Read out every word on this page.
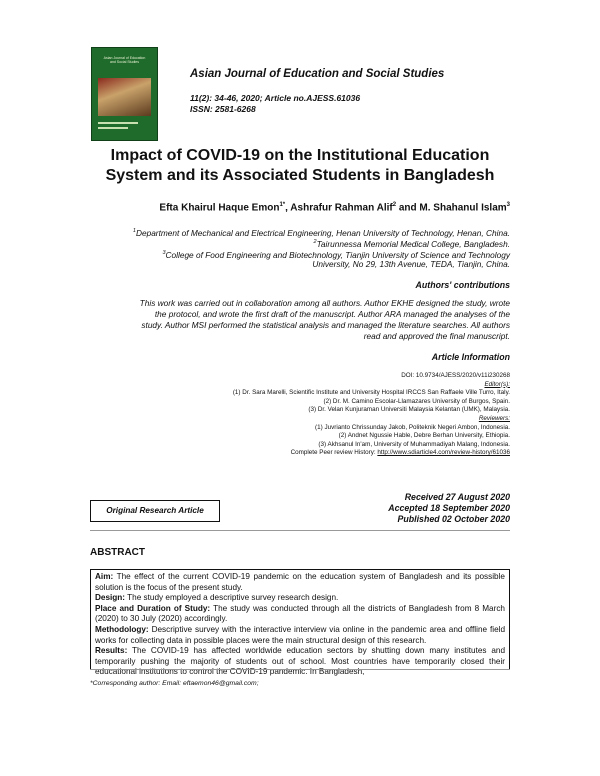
Asian Journal of Education
and Social Studies
Asian Journal of Education and Social Studies
11(2): 34-46, 2020; Article no.AJESS.61036
ISSN: 2581-6268
Impact of COVID-19 on the Institutional Education
System and its Associated Students in Bangladesh
Efta Khairul Haque Emon$^{1*}$, Ashrafur Rahman Alif$^2$ and M. Shahanul Islam$^3$
$^1$Department of Mechanical and Electrical Engineering, Henan University of Technology, Henan, China.
$^2$Tairunnessa Memorial Medical College, Bangladesh.
$^3$College of Food Engineering and Biotechnology, Tianjin University of Science and Technology
University, No 29, 13th Avenue, TEDA, Tianjin, China.
Authors' contributions
This work was carried out in collaboration among all authors. Author EKHE designed the study, wrote
the protocol, and wrote the first draft of the manuscript. Author ARA managed the analyses of the
study. Author MSI performed the statistical analysis and managed the literature searches. All authors
read and approved the final manuscript.
Article Information
DOI: 10.9734/AJESS/2020/v11i230268
Editor(s):
(1) Dr. Sara Marelli, Scientific Institute and University Hospital IRCCS San Raffaele Ville Turro, Italy.
(2) Dr. M. Camino Escolar-Llamazares University of Burgos, Spain.
(3) Dr. Velan Kunjuraman Universiti Malaysia Kelantan (UMK), Malaysia.
Reviewers:
(1) Juvrianto Chrissunday Jakob, Politeknik Negeri Ambon, Indonesia.
(2) Andnet Ngussie Hable, Debre Berhan University, Ethiopia.
(3) Akhsanul In'am, University of Muhammadiyah Malang, Indonesia.
Complete Peer review History: http://www.sdiarticle4.com/review-history/61036
Original Research Article
Received 27 August 2020
Accepted 18 September 2020
Published 02 October 2020
ABSTRACT

Aim: The effect of the current COVID-19 pandemic on the education system of Bangladesh and its possible solution is the focus of the present study.

Design: The study employed a descriptive survey research design.

Place and Duration of Study: The study was conducted through all the districts of Bangladesh from 8 March (2020) to 30 July (2020) accordingly.

Methodology: Descriptive survey with the interactive interview via online in the pandemic area and offline field works for collecting data in possible places were the main structural design of this research.

Results: The COVID-19 has affected worldwide education sectors by shutting down many institutes and temporarily pushing the majority of students out of school. Most countries have temporarily closed their educational institutions to control the COVID-19 pandemic. In Bangladesh,

*Corresponding author: Email: eftaemon46@gmail.com;
